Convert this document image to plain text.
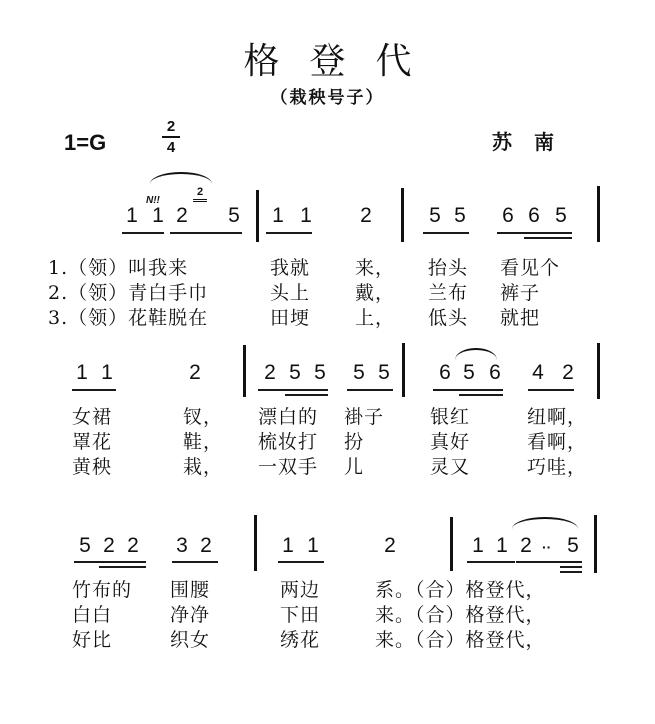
格登代
（栽秧号子）
1=G
2
4	苏南
1 1 2 5 1 1 2	5 5 6 6 5
1.（领）叫我来	我就 来， 抬头 看见个
2.（领）青白手巾	头上 戴， 兰布 裤子
3.（领）花鞋脱在	田埂 上， 低头 就把
1 1	2	2 5 5 5 5 6 5 6 4 2
女裙	钗， 漂白的 褂子 银红	纽啊，
罩花	鞋， 梳妆打 扮	真好	看啊，
黄秧	栽， 一双手 儿	灵又	巧哇，
5 2 2 3 2	1 1	2	1 1 2 5
竹布的 围腰	两边	系。（合）格登代，
白白	净净	下田	来。（合）格登代，
好比	织女	绣花	来。（合）格登代，
2
N!!
··
